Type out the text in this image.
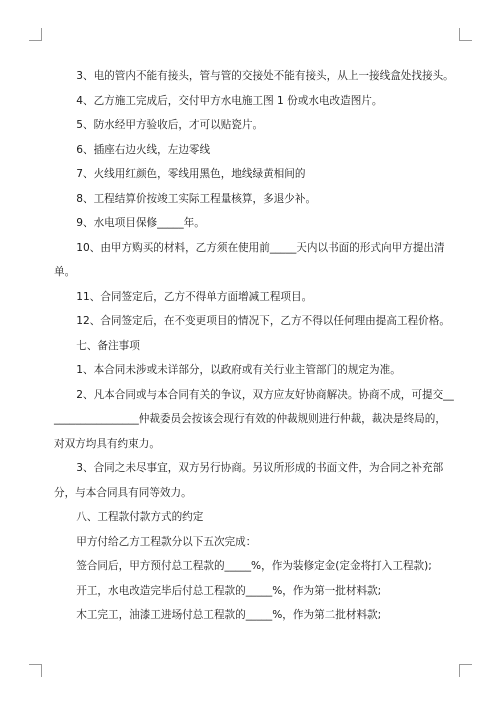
3、电的管内不能有接头，管与管的交接处不能有接头，从上一接线盒处找接头。

4、乙方施工完成后，交付甲方水电施工图 1 份或水电改造图片。

5、防水经甲方验收后，才可以贴瓷片。

6、插座右边火线，左边零线

7、火线用红颜色，零线用黑色，地线绿黄相间的

8、工程结算价按竣工实际工程量核算，多退少补。

9、水电项目保修_____年。

10、由甲方购买的材料，乙方须在使用前_____天内以书面的形式向甲方提出清单。

11、合同签定后，乙方不得单方面增减工程项目。

12、合同签定后，在不变更项目的情况下，乙方不得以任何理由提高工程价格。

七、备注事项

1、本合同未涉或未详部分，以政府或有关行业主管部门的规定为准。

2、凡本合同或与本合同有关的争议，双方应友好协商解决。协商不成，可提交__________________仲裁委员会按该会现行有效的仲裁规则进行仲裁，裁决是终局的，对双方均具有约束力。

3、合同之未尽事宜，双方另行协商。另议所形成的书面文件，为合同之补充部分，与本合同具有同等效力。

八、工程款付款方式的约定

甲方付给乙方工程款分以下五次完成：

签合同后，甲方预付总工程款的_____%，作为装修定金(定金将打入工程款);

开工，水电改造完毕后付总工程款的_____%，作为第一批材料款;

木工完工，油漆工进场付总工程款的_____%，作为第二批材料款;
